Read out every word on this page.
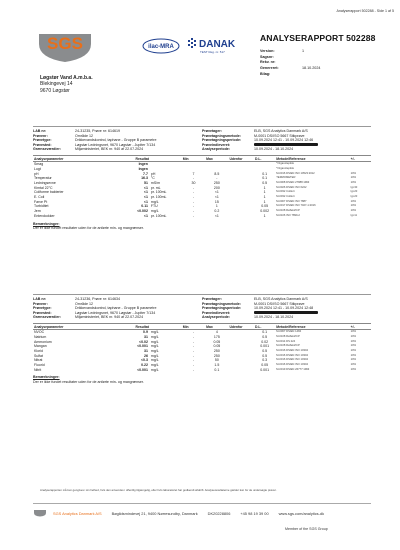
Analyserapport 502288 - Side 1 af 5
SGS	ilac-MRA	DANAK
TEST Reg. nr. 517
ANALYSERAPPORT 502288
Version:	1
Sagsnr:
Rekv. nr:
Genereret:	18.10.2024
Bilag:
Løgstør Vand A.m.b.a.
Blekingevej 14
9670 Løgstør
LAB nr:	24-31235, Prøve nr: 614619
Prøvenr:	Område 12
Prøvetype:	Drikkevandskontrol, taphane - Gruppe B parametre
Prøvested:	Løgstør Ledningsnet, 9670 Løgstør - Jupiter 7/134
Grænseværdier:	Miljøministeriet, BEK nr. 940 af 22.07.2024
Prøvetager:	ELB, SGS Analytics Danmark A/S
Prøvetagningsmetode:	M-0001 DS/ISO 5667 Stikprøve
Prøvetagningsperiode:	10.09.2024 12:41 - 10.09.2024 12:46
Prøveindleveret:
Analyseperiode:	10.09.2024 - 18.10.2024
Analyseparameter	Resultat		Min	Max	Udenfor	D.L.	Metode/Reference	+/-
Smag	Ingen						*Organoleptisk	
Lugt	Ingen						*Organoleptisk	
pH	7.7	pH	7	8.5		0.1	M-0016 DS/EN ISO 10523:2012	10%
Temperatur	16.3	°C	-	-		0.1	TERMOMETER	10%
Ledningsevne	51	mS/m	30	250		0.5	M-0008 DS/EN 27888:1993	10%
Kimtal 22°C	<1	pr. mL	-	200		1	M-0026 DS/EN ISO 6222	lgt.30
Coliforme bakterier	<1	pr. 100mL	-	<1		1	M-0032 Colilert	lgt.20
E. Coli	<1	pr. 100mL	-	<1		1	M-0032 Colilert	lgt.20
Farve Pt	<1	mg/L	-	15		1	M-0007 DS/EN ISO 7887	10%
Turbiditet	0.11	FTU	-	1		0.05	M-0017 DS/EN ISO 7027-1:2016	10%
Jern	<0.002	mg/L	-	0.2		0.002	M-0108 Reflekt/ICP	10%
Enterokokker	<1	pr. 100mL	-	<1		1	M-0106 ISO 7899-2	lgt.11
Bemærkninger:
Der er ikke fundet resultater uden for de anførte min- og maxgrænser.
LAB nr:	24-31236, Prøve nr: 614634
Prøvenr:	Område 12
Prøvetype:	Drikkevandskontrol, taphane - Gruppe B parametre
Prøvested:	Løgstør Ledningsnet, 9670 Løgstør - Jupiter 7/134
Grænseværdier:	Miljøministeriet, BEK nr. 940 af 22.07.2024
Prøvetager:	ELB, SGS Analytics Danmark A/S
Prøvetagningsmetode:	M-0001 DS/ISO 5667 Stikprøve
Prøvetagningsperiode:	10.09.2024 12:41 - 10.09.2024 12:48
Prøveindleveret:
Analyseperiode:	10.09.2024 - 18.10.2024
Analyseparameter	Resultat		Min	Max	Udenfor	D.L.	Metode/Reference	+/-
NVOC	0.9	mg/L	-	4		0.1	M-0067 DS/EN 1484	10%
Natrium	31	mg/L	-	175		0.5	M-0108 Reflekt/ICP	10%
Ammonium	<0.02	mg/L	-	0.05		0.02	M-0014 DS 224	10%
Mangan	<0.001	mg/L	-	0.05		0.001	M-0108 Reflekt/ICP	10%
Klorid	31	mg/L	-	250		0.5	M-0016 DS/EN ISO 10304	10%
Sulfat	26	mg/L	-	250		0.5	M-0016 DS/EN ISO 10304	10%
Nitrat	<0.3	mg/L	-	50		0.3	M-0016 DS/EN ISO 10304	10%
Fluorid	0.22	mg/L	-	1.5		0.05	M-0016 DS/EN ISO 10304	10%
Nitrit	<0.001	mg/L	-	0.1		0.001	M-0019 DS/EN 26777:1993	10%
Bemærkninger:
Der er ikke fundet resultater uden for de anførte min- og maxgrænser.
Analyserapporten må kun gengives i sin helhed, hvis den anvendes i offentlig tilgængelig, eller hvis laboratoriet har godkendt afskrift. Analyseresultaterne gælder kun for de undersøgte prøver.
SGS Analytics Danmark A/S	Bøgildsmindevej 21, 9400 Nørresundby, Danmark	DK20228806	+45 98 19 39 00	www.sgs.com/analytics-dk
Member of the SGS Group
